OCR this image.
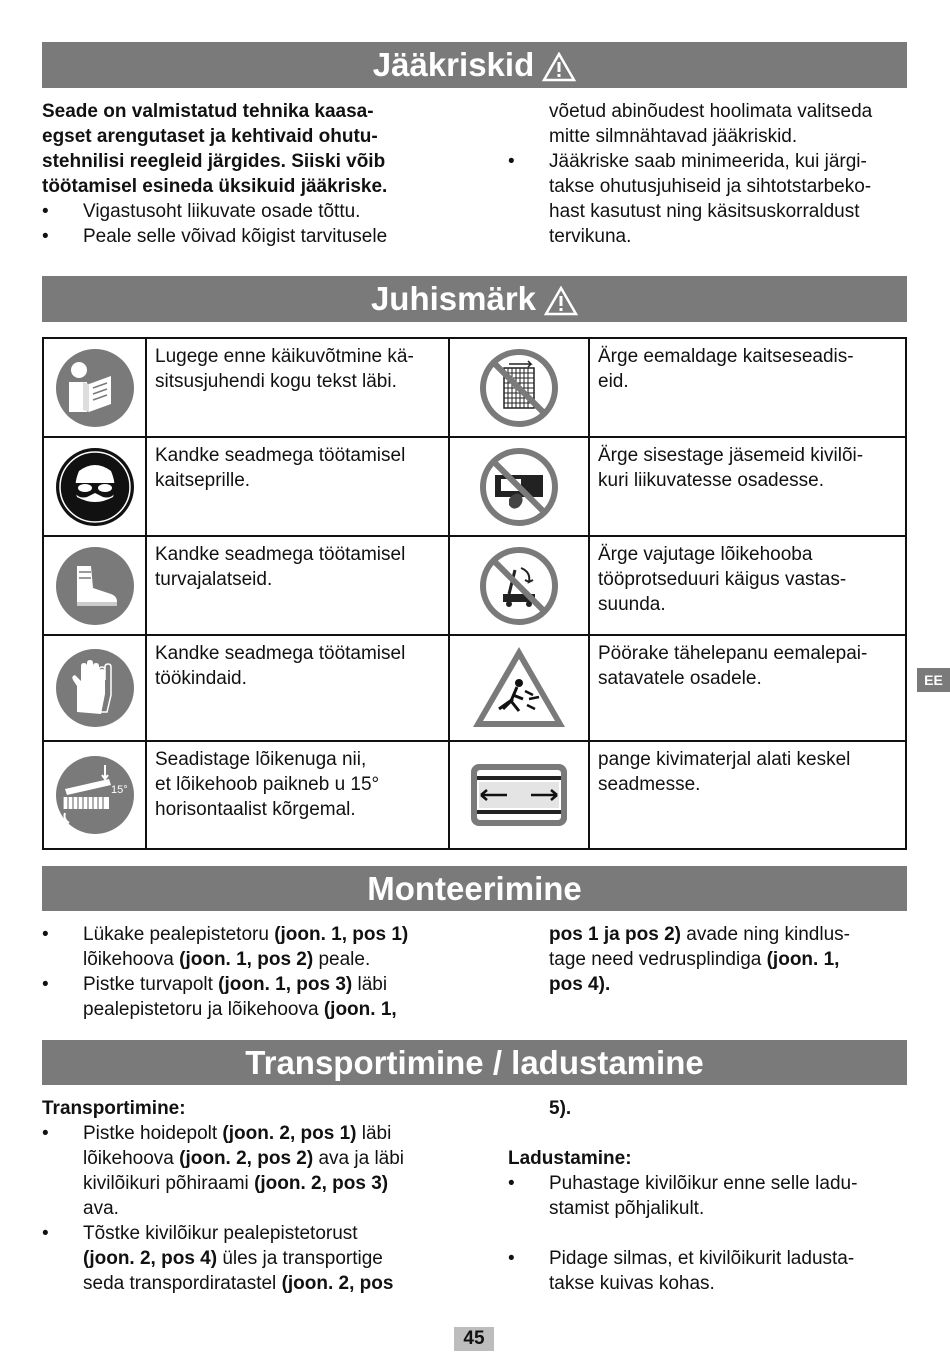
Jääkriskid

Seade on valmistatud tehnika kaasa-
egset arengutaset ja kehtivaid ohutu-
stehnilisi reegleid järgides. Siiski võib
töötamisel esineda üksikuid jääkriske.

• Vigastusoht liikuvate osade tõttu.

• Peale selle võivad kõigist tarvitusele

võetud abinõudest hoolimata valitseda
mitte silmnähtavad jääkriskid.

• Jääkriske saab minimeerida, kui järgi-
takse ohutusjuhiseid ja sihtotstarbeko-
hast kasutust ning käsitsuskorraldust
tervikuna.

Juhismärk
	Lugege enne käikuvõtmine kä-
sitsusjuhendi kogu tekst läbi.		Ärge eemaldage kaitseseadis-
eid.

	Kandke seadmega töötamisel
kaitseprille.		Ärge sisestage jäsemeid kivilõi-
kuri liikuvatesse osadesse.

	Kandke seadmega töötamisel
turvajalatseid.		Ärge vajutage lõikehooba
tööprotseduuri käigus vastas-
suunda.

	Kandke seadmega töötamisel
töökindaid.		Pöörake tähelepanu eemalepai-
satavatele osadele.

15°	Seadistage lõikenuga nii,
et lõikehoob paikneb u 15°
horisontaalist kõrgemal.		pange kivimaterjal alati keskel
seadmesse.
Monteerimine

• Lükake pealepistetoru (joon. 1, pos 1)
lõikehoova (joon. 1, pos 2) peale.

• Pistke turvapolt (joon. 1, pos 3) läbi
pealepistetoru ja lõikehoova (joon. 1,

pos 1 ja pos 2) avade ning kindlus-
tage need vedrusplindiga (joon. 1,
pos 4).

Transportimine / ladustamine

Transportimine:

• Pistke hoidepolt (joon. 2, pos 1) läbi
lõikehoova (joon. 2, pos 2) ava ja läbi
kivilõikuri põhiraami (joon. 2, pos 3)
ava.

• Tõstke kivilõikur pealepistetorust
(joon. 2, pos 4) üles ja transportige
seda transpordiratastel (joon. 2, pos

5).

Ladustamine:

• Puhastage kivilõikur enne selle ladu-
stamist põhjalikult.

• Pidage silmas, et kivilõikurit ladusta-
takse kuivas kohas.

EE
45
